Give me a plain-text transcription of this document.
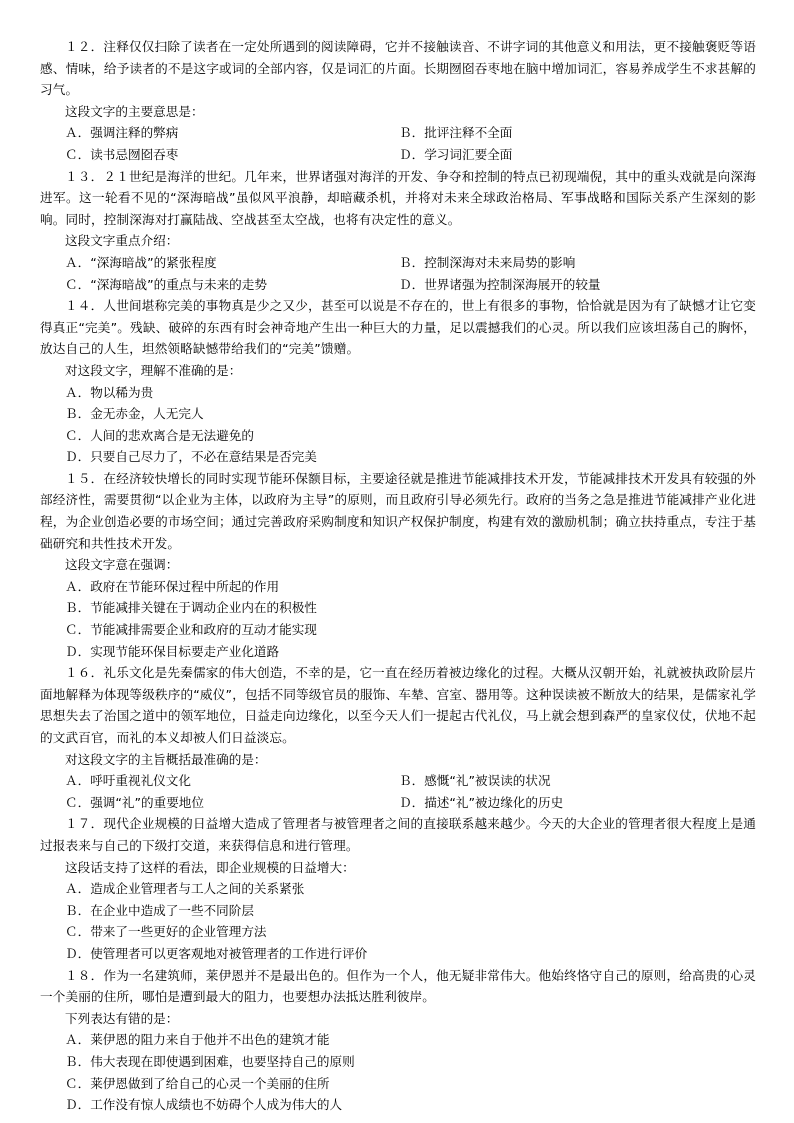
１２．注释仅仅扫除了读者在一定处所遇到的阅读障碍，它并不接触读音、不讲字词的其他意义和用法，更不接触褒贬等语感、情味，给予读者的不是这字或词的全部内容，仅是词汇的片面。长期囫囵吞枣地在脑中增加词汇，容易养成学生不求甚解的习气。

这段文字的主要意思是：

Ａ．强调注释的弊病	Ｂ．批评注释不全面
Ｃ．读书忌囫囵吞枣	Ｄ．学习词汇要全面

１３．２１世纪是海洋的世纪。几年来，世界诸强对海洋的开发、争夺和控制的特点已初现端倪，其中的重头戏就是向深海进军。这一轮看不见的“深海暗战”虽似风平浪静，却暗藏杀机，并将对未来全球政治格局、军事战略和国际关系产生深刻的影响。同时，控制深海对打赢陆战、空战甚至太空战，也将有决定性的意义。

这段文字重点介绍：

Ａ．“深海暗战”的紧张程度	Ｂ．控制深海对未来局势的影响
Ｃ．“深海暗战”的重点与未来的走势	Ｄ．世界诸强为控制深海展开的较量

１４．人世间堪称完美的事物真是少之又少，甚至可以说是不存在的，世上有很多的事物，恰恰就是因为有了缺憾才让它变得真正“完美”。残缺、破碎的东西有时会神奇地产生出一种巨大的力量，足以震撼我们的心灵。所以我们应该坦荡自己的胸怀，放达自己的人生，坦然领略缺憾带给我们的“完美”馈赠。

对这段文字，理解不准确的是：

Ａ．物以稀为贵
Ｂ．金无赤金，人无完人
Ｃ．人间的悲欢离合是无法避免的
Ｄ．只要自己尽力了，不必在意结果是否完美

１５．在经济较快增长的同时实现节能环保额目标，主要途径就是推进节能减排技术开发，节能减排技术开发具有较强的外部经济性，需要贯彻“以企业为主体，以政府为主导”的原则，而且政府引导必须先行。政府的当务之急是推进节能减排产业化进程，为企业创造必要的市场空间；通过完善政府采购制度和知识产权保护制度，构建有效的激励机制；确立扶持重点，专注于基础研究和共性技术开发。

这段文字意在强调：

Ａ．政府在节能环保过程中所起的作用
Ｂ．节能减排关键在于调动企业内在的积极性
Ｃ．节能减排需要企业和政府的互动才能实现
Ｄ．实现节能环保目标要走产业化道路

１６．礼乐文化是先秦儒家的伟大创造，不幸的是，它一直在经历着被边缘化的过程。大概从汉朝开始，礼就被执政阶层片面地解释为体现等级秩序的“威仪”，包括不同等级官员的服饰、车辇、宫室、器用等。这种误读被不断放大的结果，是儒家礼学思想失去了治国之道中的领军地位，日益走向边缘化，以至今天人们一提起古代礼仪，马上就会想到森严的皇家仪仗，伏地不起的文武百官，而礼的本义却被人们日益淡忘。

对这段文字的主旨概括最准确的是：

Ａ．呼吁重视礼仪文化	Ｂ．感慨“礼”被误读的状况
Ｃ．强调“礼”的重要地位	Ｄ．描述“礼”被边缘化的历史

１７．现代企业规模的日益增大造成了管理者与被管理者之间的直接联系越来越少。今天的大企业的管理者很大程度上是通过报表来与自己的下级打交道，来获得信息和进行管理。

这段话支持了这样的看法，即企业规模的日益增大：

Ａ．造成企业管理者与工人之间的关系紧张
Ｂ．在企业中造成了一些不同阶层
Ｃ．带来了一些更好的企业管理方法
Ｄ．使管理者可以更客观地对被管理者的工作进行评价

１８．作为一名建筑师，莱伊恩并不是最出色的。但作为一个人，他无疑非常伟大。他始终恪守自己的原则，给高贵的心灵一个美丽的住所，哪怕是遭到最大的阻力，也要想办法抵达胜利彼岸。

下列表达有错的是：

Ａ．莱伊恩的阻力来自于他并不出色的建筑才能
Ｂ．伟大表现在即使遇到困难，也要坚持自己的原则
Ｃ．莱伊恩做到了给自己的心灵一个美丽的住所
Ｄ．工作没有惊人成绩也不妨碍个人成为伟大的人
